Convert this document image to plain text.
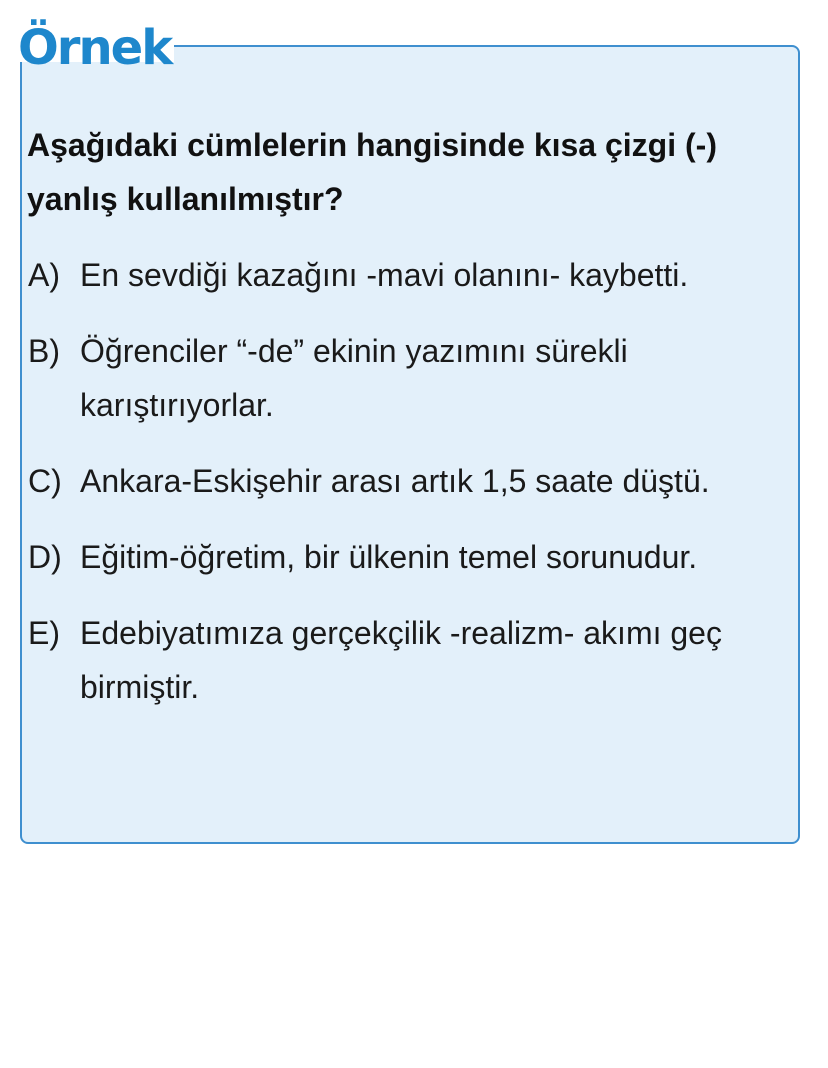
Örnek

Aşağıdaki cümlelerin hangisinde kısa çizgi (-) yanlış kullanılmıştır?

A) En sevdiği kazağını -mavi olanını- kaybetti.
B) Öğrenciler “-de” ekinin yazımını sürekli karıştırıyorlar.
C) Ankara-Eskişehir arası artık 1,5 saate düştü.
D) Eğitim-öğretim, bir ülkenin temel sorunudur.
E) Edebiyatımıza gerçekçilik -realizm- akımı geç birmiştir.
